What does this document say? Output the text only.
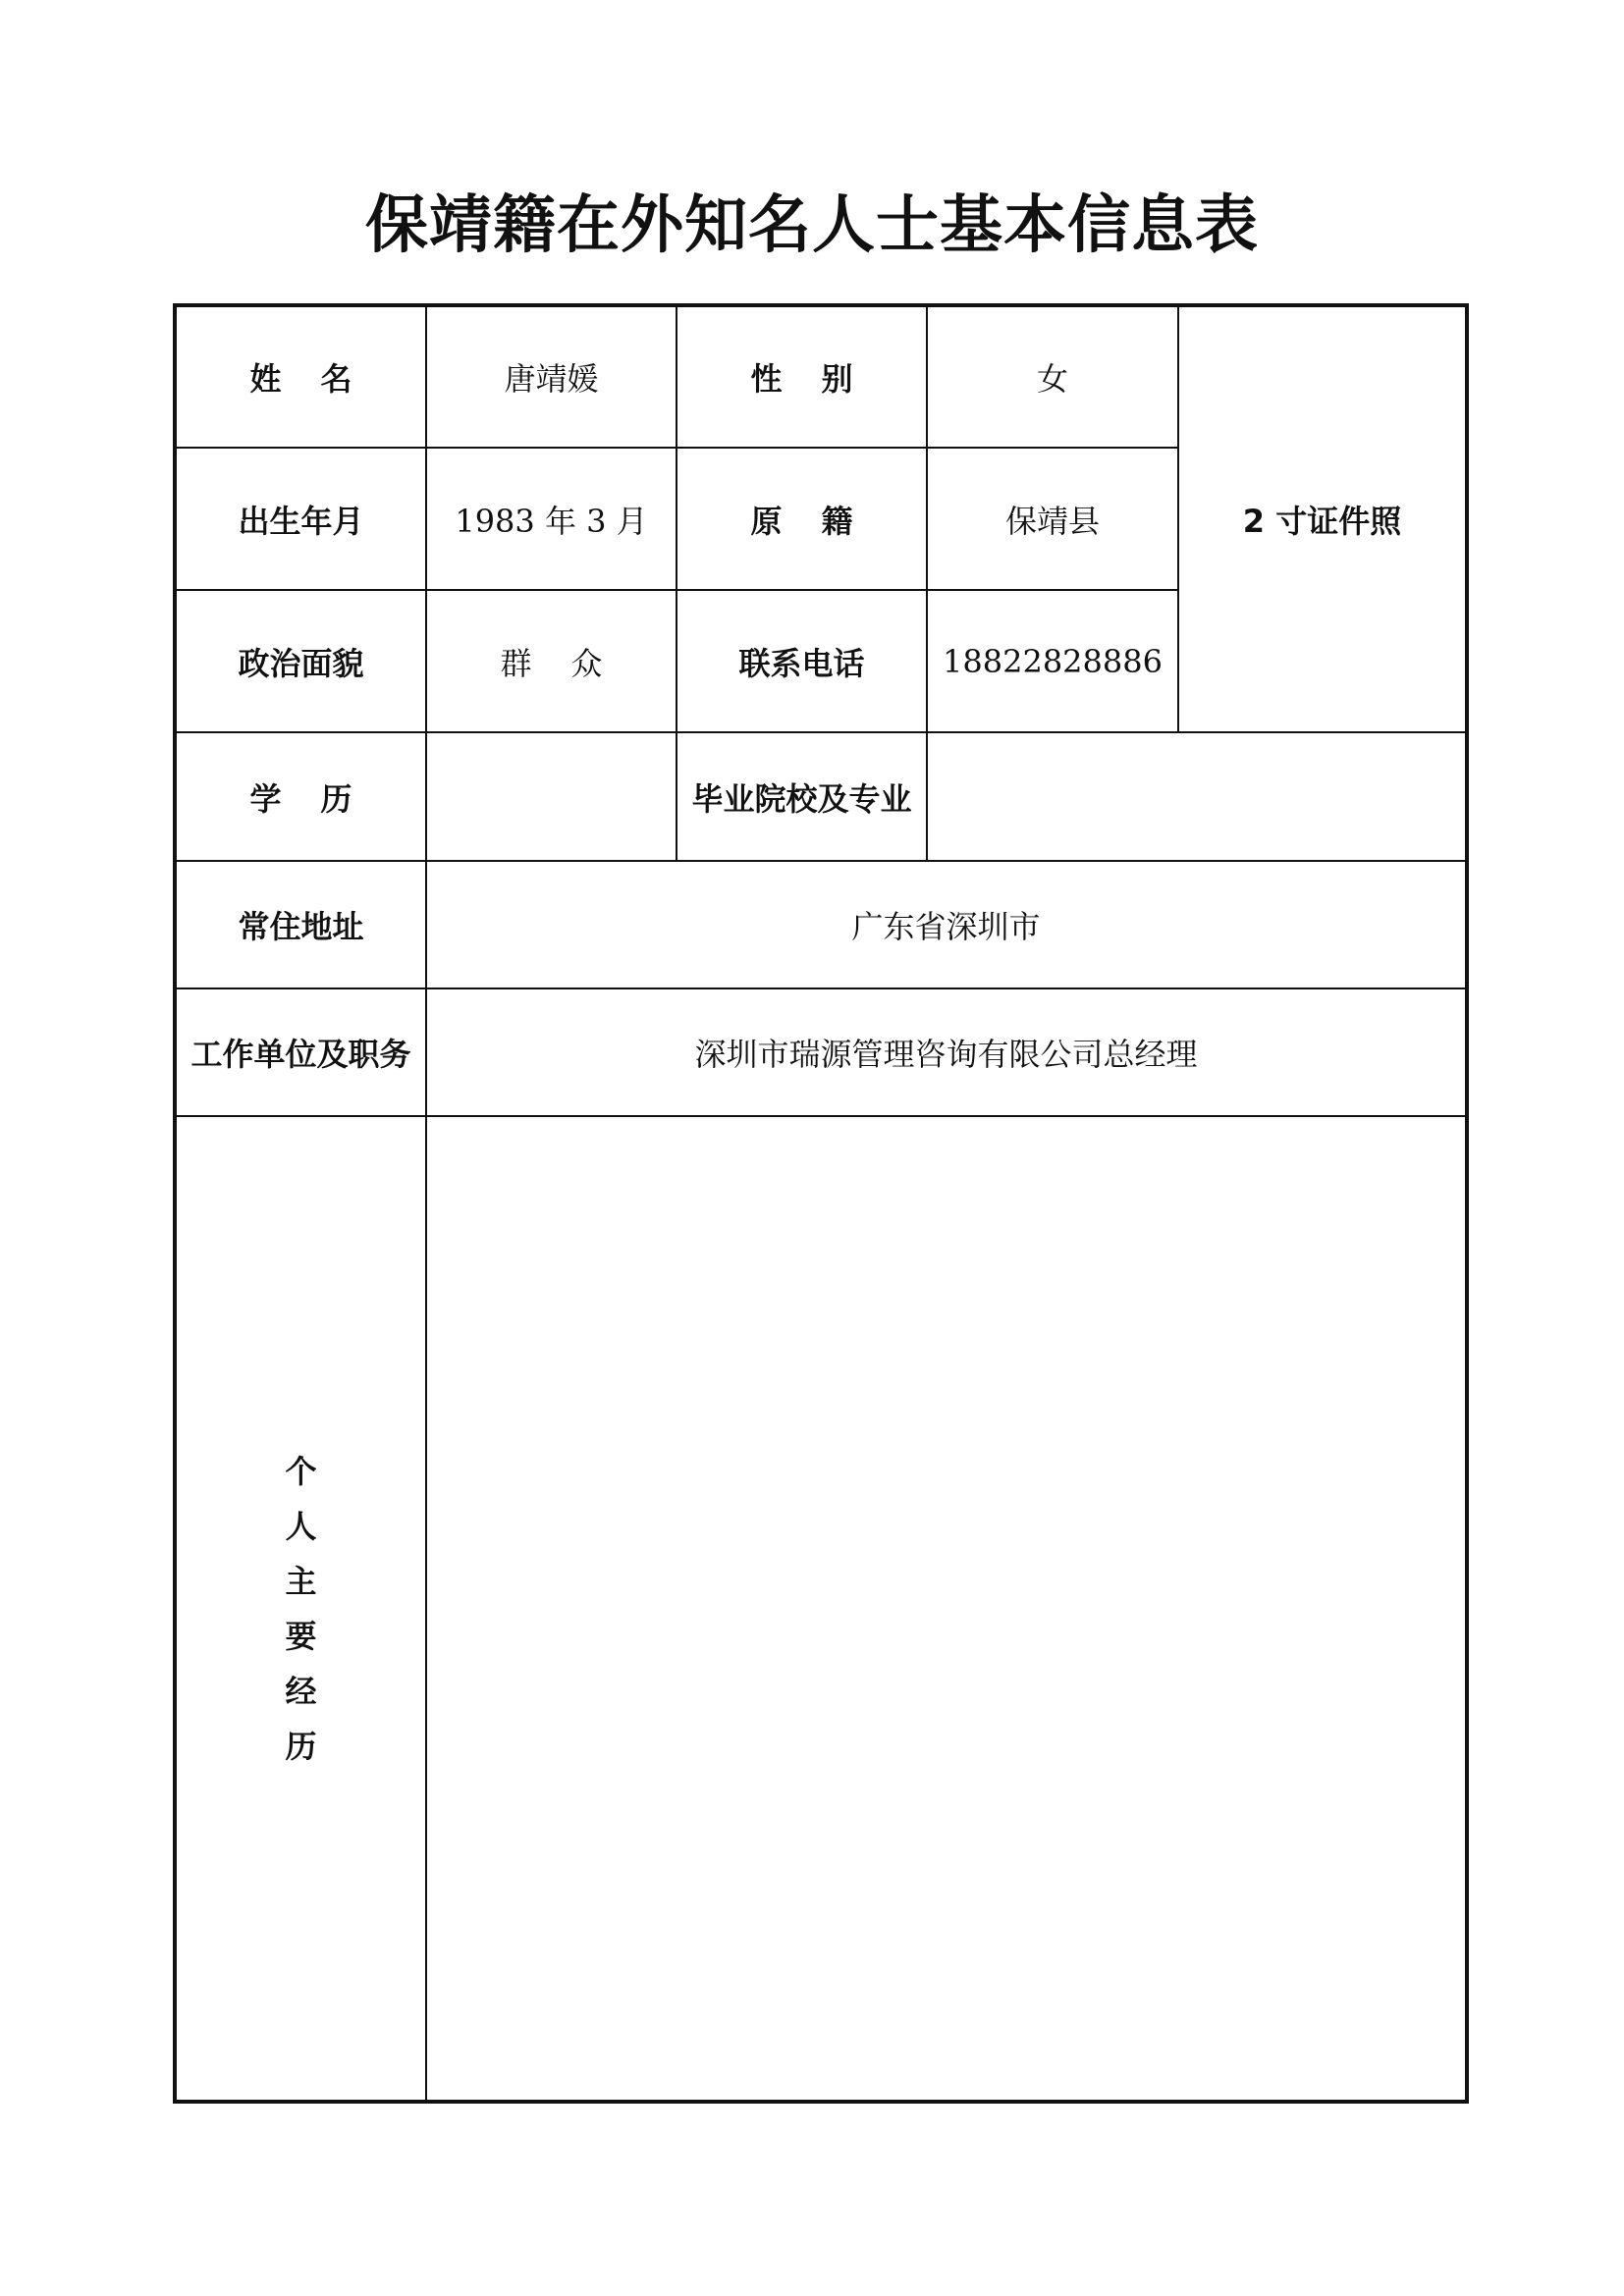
保靖籍在外知名人士基本信息表
姓名	唐靖媛	性别	女	2 寸证件照
出生年月	1983 年 3 月	原籍	保靖县	
政治面貌	群众	联系电话	18822828886	
学历		毕业院校及专业		
常住地址	广东省深圳市			
工作单位及职务	深圳市瑞源管理咨询有限公司总经理			
个人主要经历				
